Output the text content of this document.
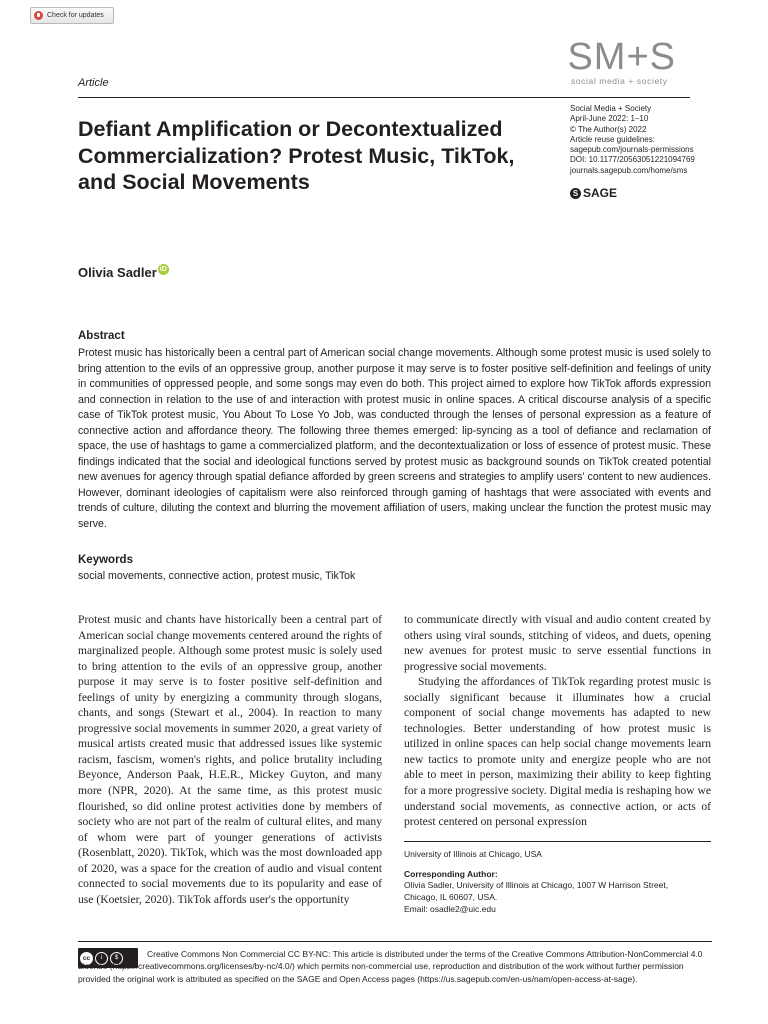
Check for updates
SM+S
social media + society
Article
Social Media + Society
April-June 2022: 1–10
© The Author(s) 2022
Article reuse guidelines:
sagepub.com/journals-permissions
DOI: 10.1177/20563051221094769
journals.sagepub.com/home/sms
S SAGE
Defiant Amplification or Decontextualized Commercialization? Protest Music, TikTok, and Social Movements
Olivia Sadler iD
Abstract
Protest music has historically been a central part of American social change movements. Although some protest music is used solely to bring attention to the evils of an oppressive group, another purpose it may serve is to foster positive self-definition and feelings of unity in communities of oppressed people, and some songs may even do both. This project aimed to explore how TikTok affords expression and connection in relation to the use of and interaction with protest music in online spaces. A critical discourse analysis of a specific case of TikTok protest music, You About To Lose Yo Job, was conducted through the lenses of personal expression as a feature of connective action and affordance theory. The following three themes emerged: lip-syncing as a tool of defiance and reclamation of space, the use of hashtags to game a commercialized platform, and the decontextualization or loss of essence of protest music. These findings indicated that the social and ideological functions served by protest music as background sounds on TikTok created potential new avenues for agency through spatial defiance afforded by green screens and strategies to amplify users' content to new audiences. However, dominant ideologies of capitalism were also reinforced through gaming of hashtags that were associated with events and trends of culture, diluting the context and blurring the movement affiliation of users, making unclear the function the protest music may serve.
Keywords
social movements, connective action, protest music, TikTok

Protest music and chants have historically been a central part of American social change movements centered around the rights of marginalized people. Although some protest music is solely used to bring attention to the evils of an oppressive group, another purpose it may serve is to foster positive self-definition and feelings of unity by energizing a community through slogans, chants, and songs (Stewart et al., 2004). In reaction to many progressive social movements in summer 2020, a great variety of musical artists created music that addressed issues like systemic racism, fascism, women's rights, and police brutality including Beyonce, Anderson Paak, H.E.R., Mickey Guyton, and many more (NPR, 2020). At the same time, as this protest music flourished, so did online protest activities done by members of society who are not part of the realm of cultural elites, and many of whom were part of younger generations of activists (Rosenblatt, 2020). TikTok, which was the most downloaded app of 2020, was a space for the creation of audio and visual content connected to social movements due to its popularity and ease of use (Koetsier, 2020). TikTok affords user's the opportunity

to communicate directly with visual and audio content created by others using viral sounds, stitching of videos, and duets, opening new avenues for protest music to serve essential functions in progressive social movements.

Studying the affordances of TikTok regarding protest music is socially significant because it illuminates how a crucial component of social change movements has adapted to new technologies. Better understanding of how protest music is utilized in online spaces can help social change movements learn new tactics to promote unity and energize people who are not able to meet in person, maximizing their ability to keep fighting for a more progressive society. Digital media is reshaping how we understand social movements, as connective action, or acts of protest centered on personal expression

University of Illinois at Chicago, USA
Corresponding Author:
Olivia Sadler, University of Illinois at Chicago, 1007 W Harrison Street,
Chicago, IL 60607, USA.
Email: osadle2@uic.edu
cc	i	$	Creative Commons Non Commercial CC BY-NC: This article is distributed under the terms of the Creative Commons Attribution-NonCommercial 4.0 License (https://creativecommons.org/licenses/by-nc/4.0/) which permits non-commercial use, reproduction and distribution of the work without further permission provided the original work is attributed as specified on the SAGE and Open Access pages (https://us.sagepub.com/en-us/nam/open-access-at-sage).
